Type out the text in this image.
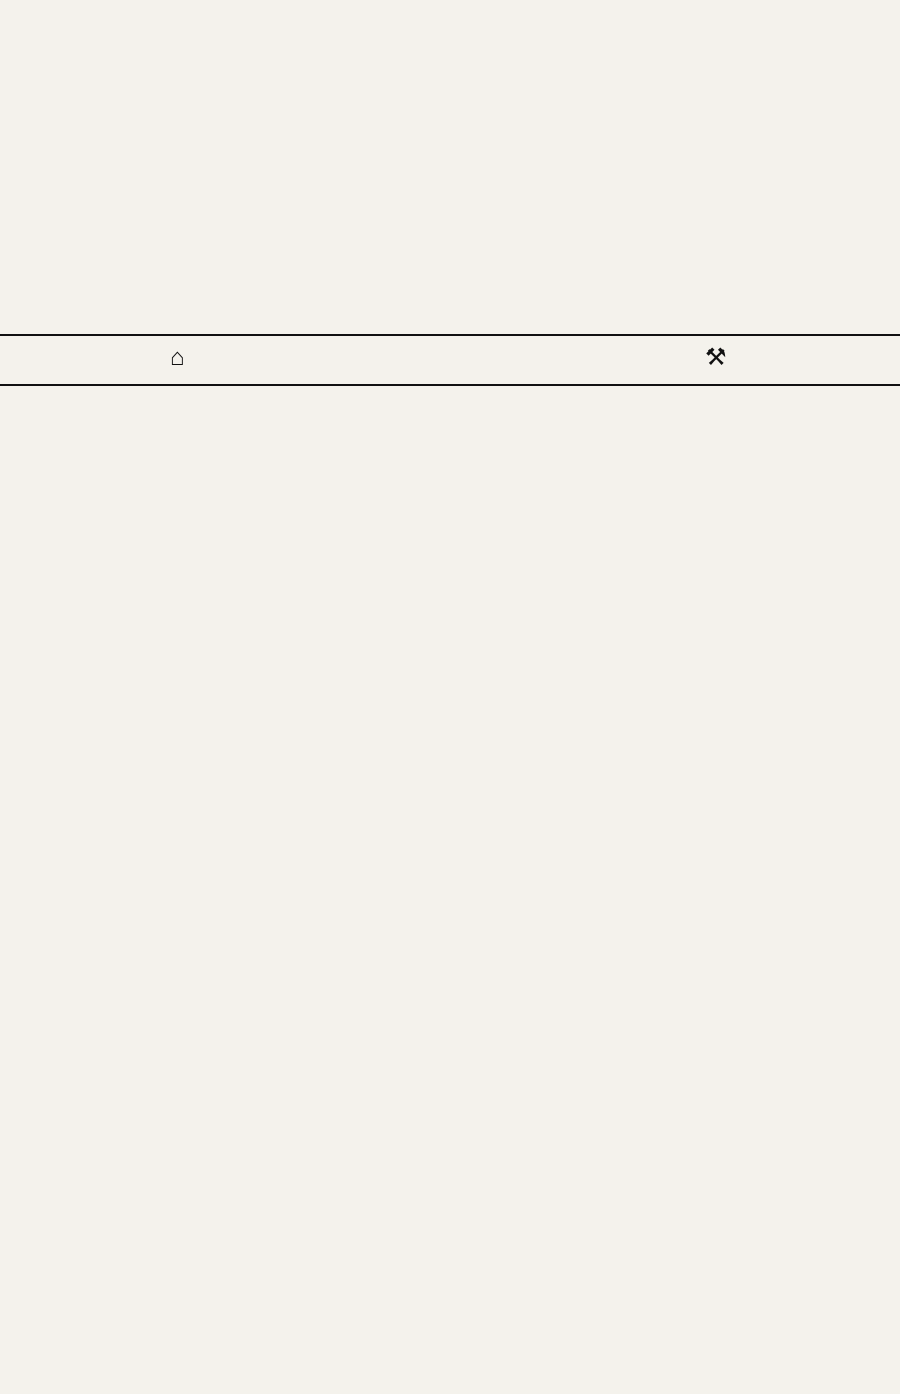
⌂	⚒
